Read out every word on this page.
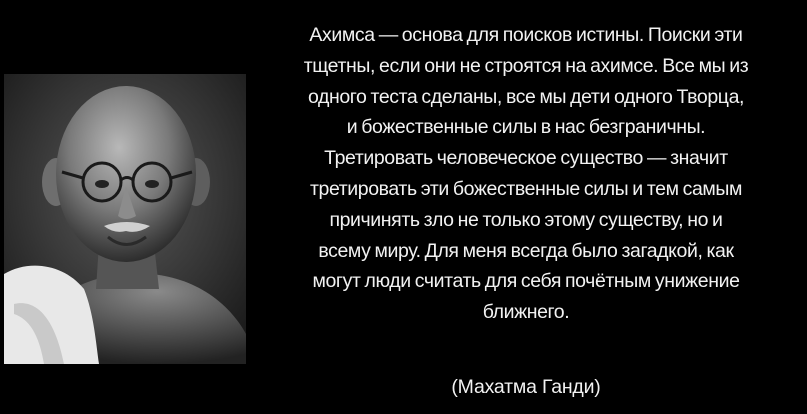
Ахимса — основа для поисков истины. Поиски эти
тщетны, если они не строятся на ахимсе. Все мы из
одного теста сделаны, все мы дети одного Творца,
и божественные силы в нас безграничны.
Третировать человеческое существо — значит
третировать эти божественные силы и тем самым
причинять зло не только этому существу, но и
всему миру. Для меня всегда было загадкой, как
могут люди считать для себя почётным унижение
ближнего.

(Махатма Ганди)
